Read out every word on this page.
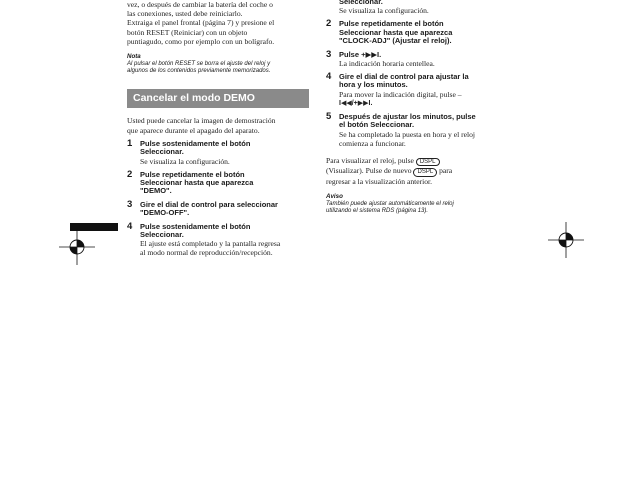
vez, o después de cambiar la batería del coche o
las conexiones, usted debe reiniciarlo.
Extraiga el panel frontal (página 7) y presione el
botón RESET (Reiniciar) con un objeto
puntiagudo, como por ejemplo con un bolígrafo.
Nota
Al pulsar el botón RESET se borra el ajuste del reloj y
algunos de los contenidos previamente memorizados.
Cancelar el modo DEMO
Usted puede cancelar la imagen de demostración
que aparece durante el apagado del aparato.
1 Pulse sostenidamente el botón
Seleccionar.
Se visualiza la configuración.
2 Pulse repetidamente el botón
Seleccionar hasta que aparezca
"DEMO".
3 Gire el dial de control para seleccionar
"DEMO-OFF".
4 Pulse sostenidamente el botón
Seleccionar.
El ajuste está completado y la pantalla regresa
al modo normal de reproducción/recepción.
Seleccionar.
Se visualiza la configuración.
2 Pulse repetidamente el botón
Seleccionar hasta que aparezca
"CLOCK-ADJ" (Ajustar el reloj).
3 Pulse +▶▶I.
La indicación horaria centellea.
4 Gire el dial de control para ajustar la
hora y los minutos.
Para mover la indicación digital, pulse –
I◀◀/+▶▶I.
5 Después de ajustar los minutos, pulse
el botón Seleccionar.
Se ha completado la puesta en hora y el reloj
comienza a funcionar.
Para visualizar el reloj, pulse DSPL
(Visualizar). Pulse de nuevo DSPL para
regresar a la visualización anterior.
Aviso
También puede ajustar automáticamente el reloj
utilizando el sistema RDS (página 13).
